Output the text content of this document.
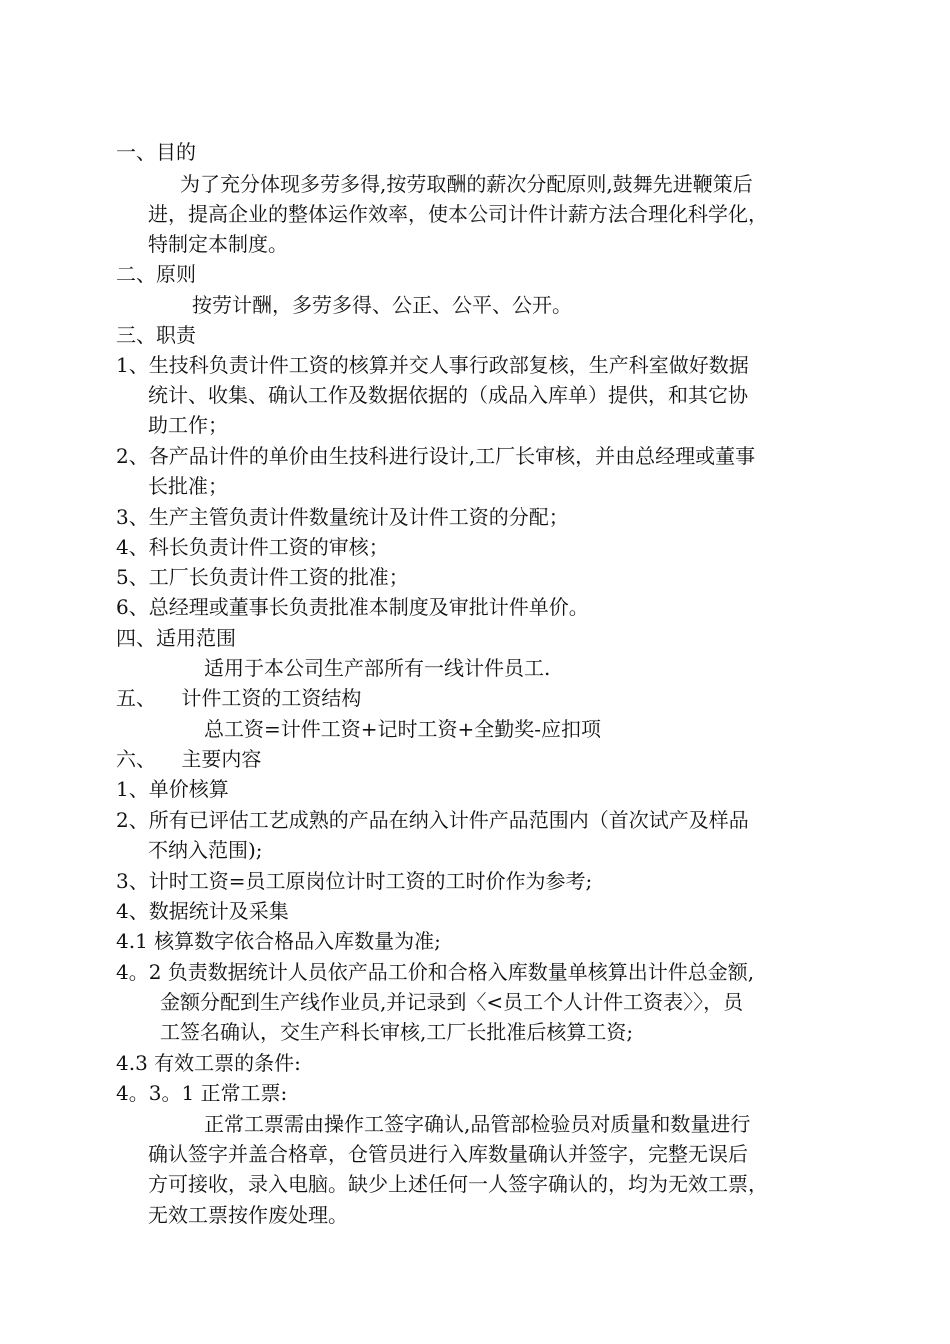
一、目的
为了充分体现多劳多得,按劳取酬的薪次分配原则,鼓舞先进鞭策后
进，提高企业的整体运作效率，使本公司计件计薪方法合理化科学化，
特制定本制度。
二、原则
按劳计酬，多劳多得、公正、公平、公开。
三、职责
1、生技科负责计件工资的核算并交人事行政部复核，生产科室做好数据
统计、收集、确认工作及数据依据的（成品入库单）提供，和其它协
助工作；
2、各产品计件的单价由生技科进行设计,工厂长审核，并由总经理或董事
长批准；
3、生产主管负责计件数量统计及计件工资的分配；
4、科长负责计件工资的审核；
5、工厂长负责计件工资的批准；
6、总经理或董事长负责批准本制度及审批计件单价。
四、适用范围
适用于本公司生产部所有一线计件员工.
五、    计件工资的工资结构
总工资=计件工资+记时工资+全勤奖-应扣项
六、    主要内容
1、单价核算
2、所有已评估工艺成熟的产品在纳入计件产品范围内（首次试产及样品
不纳入范围);
3、计时工资=员工原岗位计时工资的工时价作为参考;
4、数据统计及采集
4.1 核算数字依合格品入库数量为准;
4。2 负责数据统计人员依产品工价和合格入库数量单核算出计件总金额,
金额分配到生产线作业员,并记录到〈<员工个人计件工资表〉〉，员
工签名确认，交生产科长审核,工厂长批准后核算工资;
4.3 有效工票的条件:
4。3。1 正常工票:
正常工票需由操作工签字确认,品管部检验员对质量和数量进行
确认签字并盖合格章，仓管员进行入库数量确认并签字，完整无误后
方可接收，录入电脑。缺少上述任何一人签字确认的，均为无效工票，
无效工票按作废处理。
